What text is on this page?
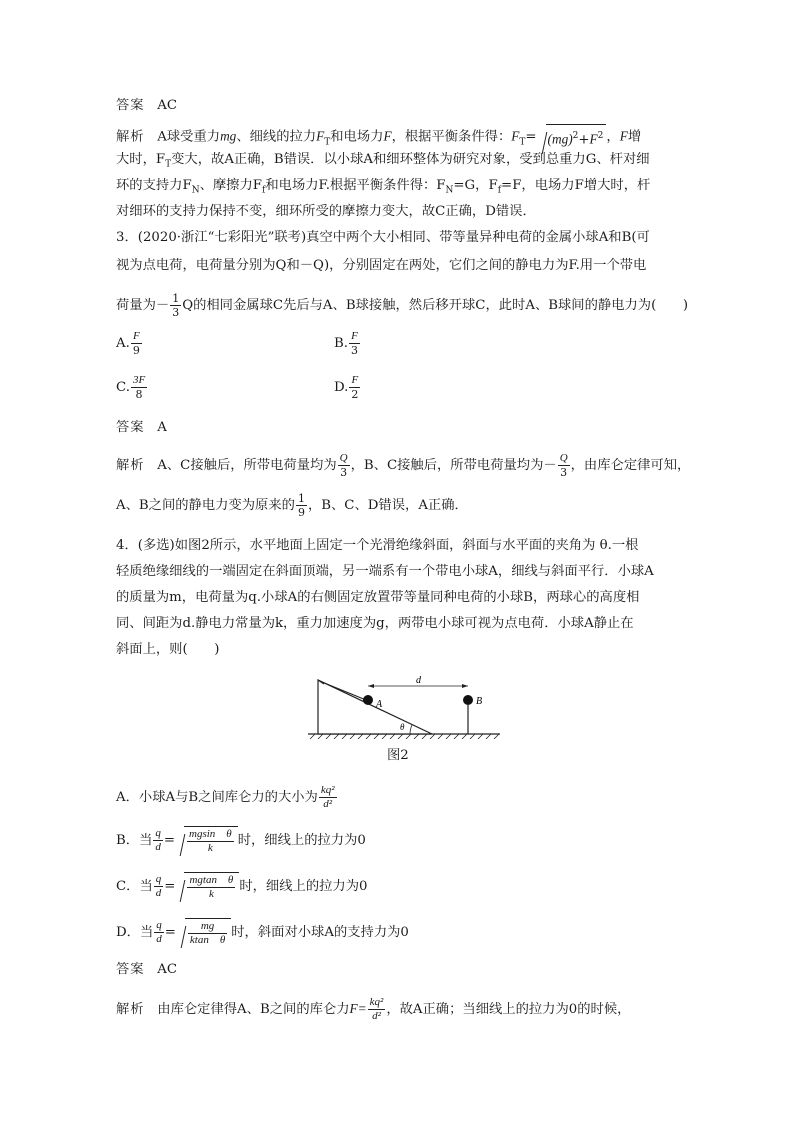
答案 AC
解析 A球受重力mg、细线的拉力$F_T$和电场力F，根据平衡条件得：$F_T= (mg)^2+F^2$ ，F增
大时，$F_T$变大，故A正确，B错误．以小球A和细环整体为研究对象，受到总重力G、杆对细
环的支持力$F_N$、摩擦力$F_f$和电场力F.根据平衡条件得：$F_N=G$，$F_f=F$，电场力F增大时，杆
对细环的支持力保持不变，细环所受的摩擦力变大，故C正确，D错误．
3．(2020·浙江“七彩阳光”联考)真空中两个大小相同、带等量异种电荷的金属小球A和B(可
视为点电荷，电荷量分别为Q和－Q)，分别固定在两处，它们之间的静电力为F.用一个带电
荷量为－ $\frac{1}{3}$ Q的相同金属球C先后与A、B球接触，然后移开球C，此时A、B球间的静电力为(　　)
A. $\frac{F}{9}$	B. $\frac{F}{3}$
C. $\frac{3F}{8}$	D. $\frac{F}{2}$
答案 A
解析 A、C接触后，所带电荷量均为 $\frac{Q}{3}$ ，B、C接触后，所带电荷量均为－ $\frac{Q}{3}$ ，由库仑定律可知，
A、B之间的静电力变为原来的 $\frac{1}{9}$ ，B、C、D错误，A正确．
4．(多选)如图2所示，水平地面上固定一个光滑绝缘斜面，斜面与水平面的夹角为 θ.一根
轻质绝缘细线的一端固定在斜面顶端，另一端系有一个带电小球A，细线与斜面平行．小球A
的质量为m，电荷量为q.小球A的右侧固定放置带等量同种电荷的小球B，两球心的高度相
同、间距为d.静电力常量为k，重力加速度为g，两带电小球可视为点电荷．小球A静止在
斜面上，则(　　)
A
θ
d
B
图2
A．小球A与B之间库仑力的大小为 $\frac{\text{kq²}}{\text{d²}}$
B．当 $\frac{q}{d} = \frac{\text{mgsin　θ}}{k}$ 时，细线上的拉力为0
C．当 $\frac{q}{d} = \frac{\text{mgtan　θ}}{k}$ 时，细线上的拉力为0
D．当 $\frac{q}{d} = \frac{mg}{\text{ktan　θ}}$ 时，斜面对小球A的支持力为0
答案 AC
解析 由库仑定律得A、B之间的库仑力$F= \frac{\text{kq²}}{\text{d²}}$ ，故A正确；当细线上的拉力为0的时候，
